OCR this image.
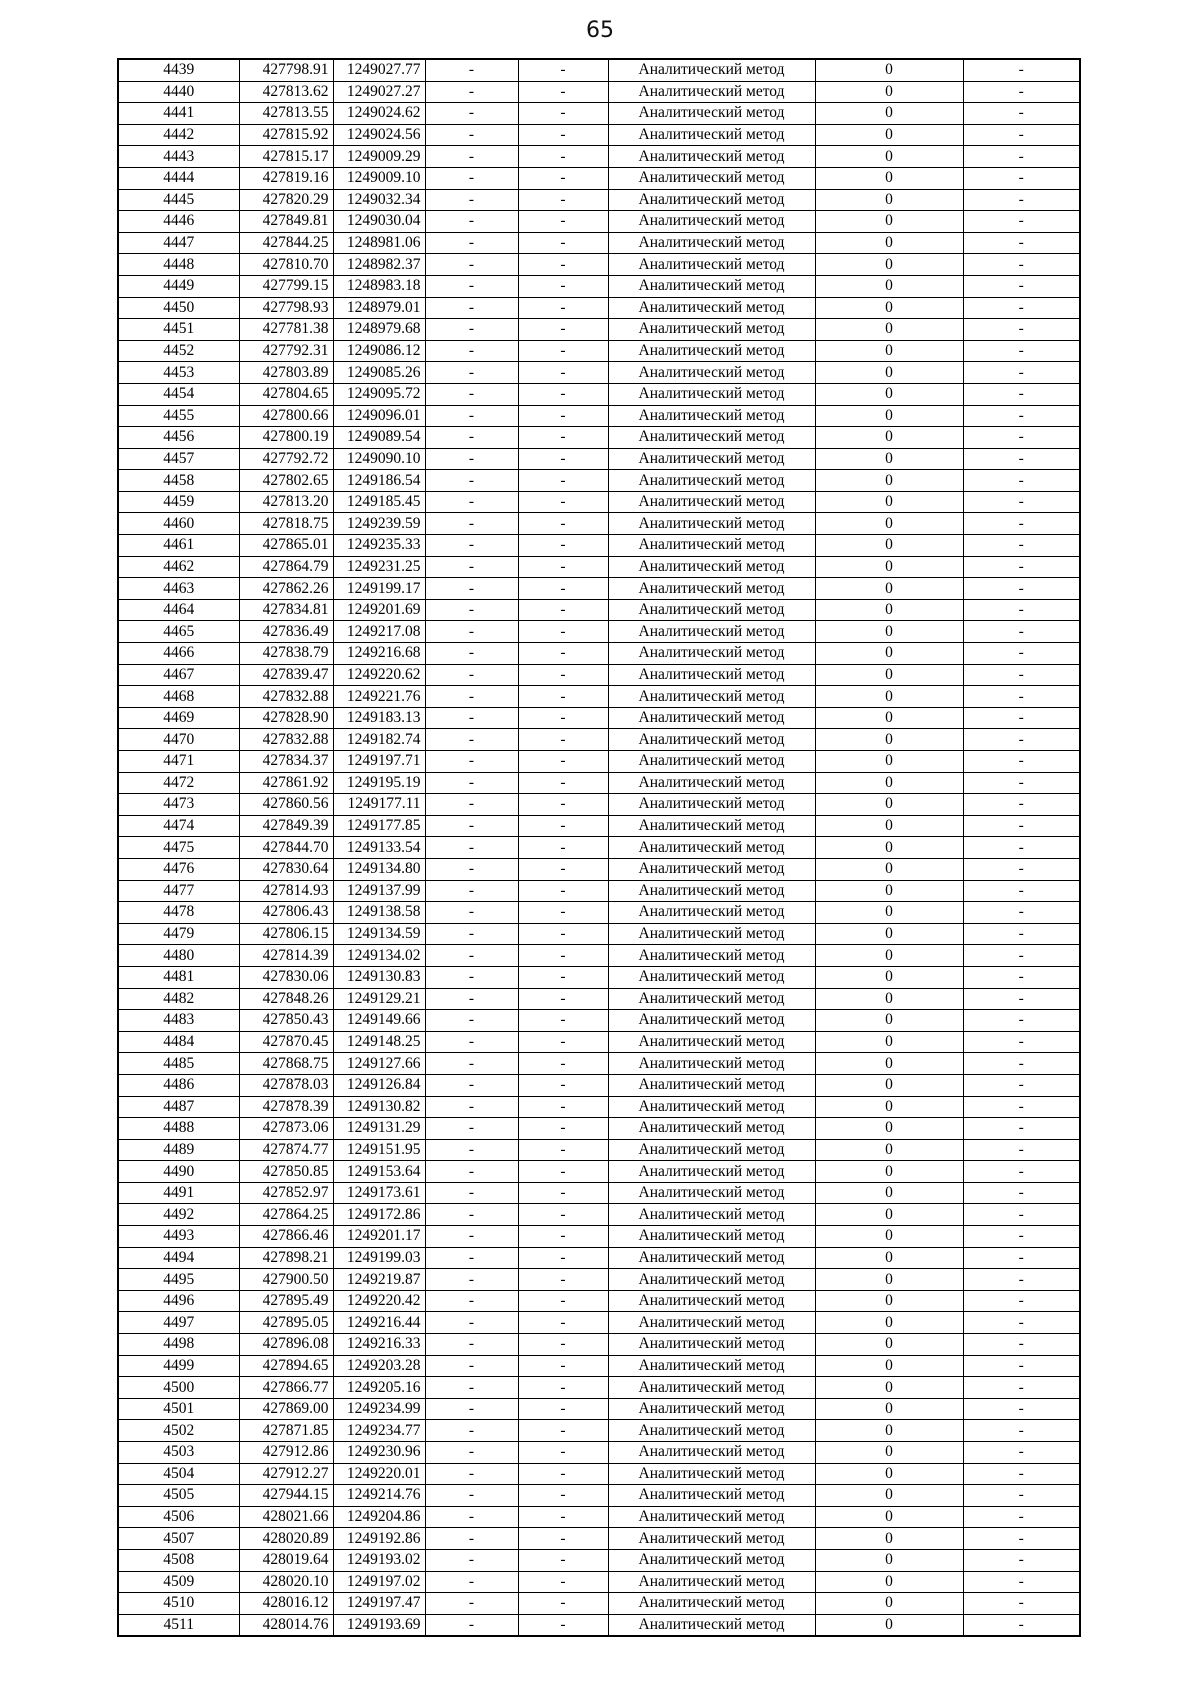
65
4439	427798.91	1249027.77	-	-	Аналитический метод	0	-
4440	427813.62	1249027.27	-	-	Аналитический метод	0	-
4441	427813.55	1249024.62	-	-	Аналитический метод	0	-
4442	427815.92	1249024.56	-	-	Аналитический метод	0	-
4443	427815.17	1249009.29	-	-	Аналитический метод	0	-
4444	427819.16	1249009.10	-	-	Аналитический метод	0	-
4445	427820.29	1249032.34	-	-	Аналитический метод	0	-
4446	427849.81	1249030.04	-	-	Аналитический метод	0	-
4447	427844.25	1248981.06	-	-	Аналитический метод	0	-
4448	427810.70	1248982.37	-	-	Аналитический метод	0	-
4449	427799.15	1248983.18	-	-	Аналитический метод	0	-
4450	427798.93	1248979.01	-	-	Аналитический метод	0	-
4451	427781.38	1248979.68	-	-	Аналитический метод	0	-
4452	427792.31	1249086.12	-	-	Аналитический метод	0	-
4453	427803.89	1249085.26	-	-	Аналитический метод	0	-
4454	427804.65	1249095.72	-	-	Аналитический метод	0	-
4455	427800.66	1249096.01	-	-	Аналитический метод	0	-
4456	427800.19	1249089.54	-	-	Аналитический метод	0	-
4457	427792.72	1249090.10	-	-	Аналитический метод	0	-
4458	427802.65	1249186.54	-	-	Аналитический метод	0	-
4459	427813.20	1249185.45	-	-	Аналитический метод	0	-
4460	427818.75	1249239.59	-	-	Аналитический метод	0	-
4461	427865.01	1249235.33	-	-	Аналитический метод	0	-
4462	427864.79	1249231.25	-	-	Аналитический метод	0	-
4463	427862.26	1249199.17	-	-	Аналитический метод	0	-
4464	427834.81	1249201.69	-	-	Аналитический метод	0	-
4465	427836.49	1249217.08	-	-	Аналитический метод	0	-
4466	427838.79	1249216.68	-	-	Аналитический метод	0	-
4467	427839.47	1249220.62	-	-	Аналитический метод	0	-
4468	427832.88	1249221.76	-	-	Аналитический метод	0	-
4469	427828.90	1249183.13	-	-	Аналитический метод	0	-
4470	427832.88	1249182.74	-	-	Аналитический метод	0	-
4471	427834.37	1249197.71	-	-	Аналитический метод	0	-
4472	427861.92	1249195.19	-	-	Аналитический метод	0	-
4473	427860.56	1249177.11	-	-	Аналитический метод	0	-
4474	427849.39	1249177.85	-	-	Аналитический метод	0	-
4475	427844.70	1249133.54	-	-	Аналитический метод	0	-
4476	427830.64	1249134.80	-	-	Аналитический метод	0	-
4477	427814.93	1249137.99	-	-	Аналитический метод	0	-
4478	427806.43	1249138.58	-	-	Аналитический метод	0	-
4479	427806.15	1249134.59	-	-	Аналитический метод	0	-
4480	427814.39	1249134.02	-	-	Аналитический метод	0	-
4481	427830.06	1249130.83	-	-	Аналитический метод	0	-
4482	427848.26	1249129.21	-	-	Аналитический метод	0	-
4483	427850.43	1249149.66	-	-	Аналитический метод	0	-
4484	427870.45	1249148.25	-	-	Аналитический метод	0	-
4485	427868.75	1249127.66	-	-	Аналитический метод	0	-
4486	427878.03	1249126.84	-	-	Аналитический метод	0	-
4487	427878.39	1249130.82	-	-	Аналитический метод	0	-
4488	427873.06	1249131.29	-	-	Аналитический метод	0	-
4489	427874.77	1249151.95	-	-	Аналитический метод	0	-
4490	427850.85	1249153.64	-	-	Аналитический метод	0	-
4491	427852.97	1249173.61	-	-	Аналитический метод	0	-
4492	427864.25	1249172.86	-	-	Аналитический метод	0	-
4493	427866.46	1249201.17	-	-	Аналитический метод	0	-
4494	427898.21	1249199.03	-	-	Аналитический метод	0	-
4495	427900.50	1249219.87	-	-	Аналитический метод	0	-
4496	427895.49	1249220.42	-	-	Аналитический метод	0	-
4497	427895.05	1249216.44	-	-	Аналитический метод	0	-
4498	427896.08	1249216.33	-	-	Аналитический метод	0	-
4499	427894.65	1249203.28	-	-	Аналитический метод	0	-
4500	427866.77	1249205.16	-	-	Аналитический метод	0	-
4501	427869.00	1249234.99	-	-	Аналитический метод	0	-
4502	427871.85	1249234.77	-	-	Аналитический метод	0	-
4503	427912.86	1249230.96	-	-	Аналитический метод	0	-
4504	427912.27	1249220.01	-	-	Аналитический метод	0	-
4505	427944.15	1249214.76	-	-	Аналитический метод	0	-
4506	428021.66	1249204.86	-	-	Аналитический метод	0	-
4507	428020.89	1249192.86	-	-	Аналитический метод	0	-
4508	428019.64	1249193.02	-	-	Аналитический метод	0	-
4509	428020.10	1249197.02	-	-	Аналитический метод	0	-
4510	428016.12	1249197.47	-	-	Аналитический метод	0	-
4511	428014.76	1249193.69	-	-	Аналитический метод	0	-
